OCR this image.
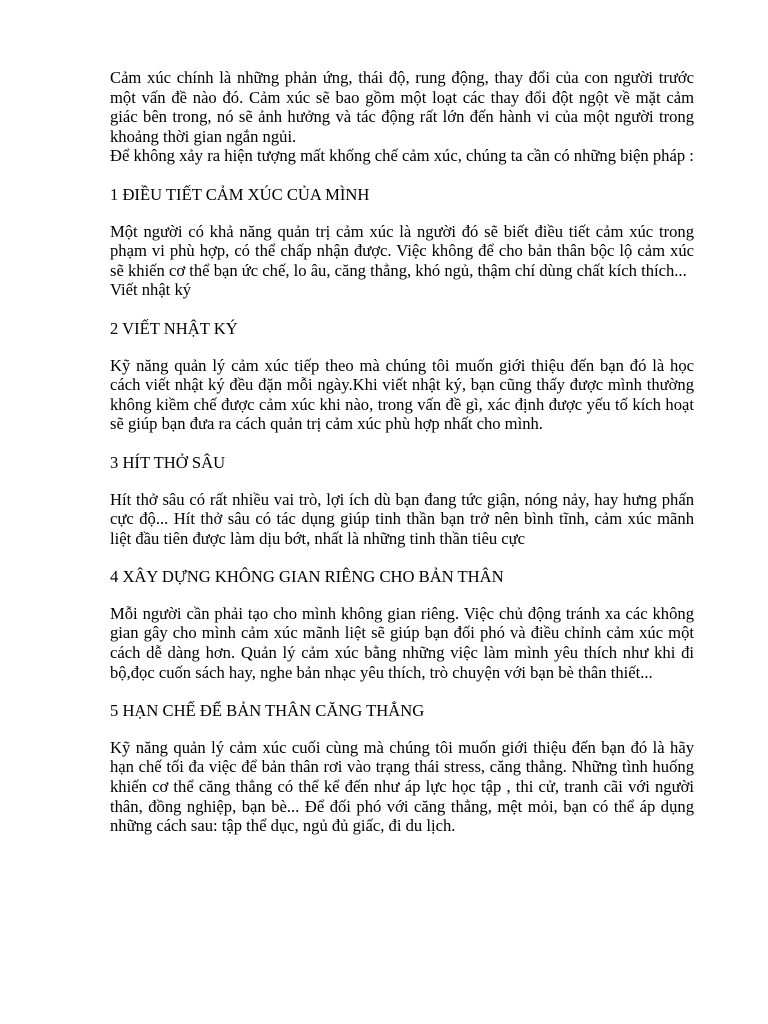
Cảm xúc chính là những phản ứng, thái độ, rung động, thay đổi của con người trước một vấn đề nào đó. Cảm xúc sẽ bao gồm một loạt các thay đổi đột ngột về mặt cảm giác bên trong, nó sẽ ảnh hưởng và tác động rất lớn đến hành vi của một người trong khoảng thời gian ngắn ngủi.

Để không xảy ra hiện tượng mất khống chế cảm xúc, chúng ta cần có những biện pháp :

1 ĐIỀU TIẾT CẢM XÚC CỦA MÌNH

Một người có khả năng quản trị cảm xúc là người đó sẽ biết điều tiết cảm xúc trong phạm vi phù hợp, có thể chấp nhận được. Việc không để cho bản thân bộc lộ cảm xúc sẽ khiến cơ thể bạn ức chế, lo âu, căng thẳng, khó ngủ, thậm chí dùng chất kích thích...

Viết nhật ký

2 VIẾT NHẬT KÝ

Kỹ năng quản lý cảm xúc tiếp theo mà chúng tôi muốn giới thiệu đến bạn đó là học cách viết nhật ký đều đặn mỗi ngày.Khi viết nhật ký, bạn cũng thấy được mình thường không kiềm chế được cảm xúc khi nào, trong vấn đề gì, xác định được yếu tố kích hoạt sẽ giúp bạn đưa ra cách quản trị cảm xúc phù hợp nhất cho mình.

3 HÍT THỞ SÂU

Hít thở sâu có rất nhiều vai trò, lợi ích dù bạn đang tức giận, nóng nảy, hay hưng phấn cực độ... Hít thở sâu có tác dụng giúp tinh thần bạn trở nên bình tĩnh, cảm xúc mãnh liệt đầu tiên được làm dịu bớt, nhất là những tinh thần tiêu cực

4 XÂY DỰNG KHÔNG GIAN RIÊNG CHO BẢN THÂN

Mỗi người cần phải tạo cho mình không gian riêng. Việc chủ động tránh xa các không gian gây cho mình cảm xúc mãnh liệt sẽ giúp bạn đối phó và điều chỉnh cảm xúc một cách dễ dàng hơn. Quản lý cảm xúc bằng những việc làm mình yêu thích như khi đi bộ,đọc cuốn sách hay, nghe bản nhạc yêu thích, trò chuyện với bạn bè thân thiết...

5 HẠN CHẾ ĐỂ BẢN THÂN CĂNG THẲNG

Kỹ năng quản lý cảm xúc cuối cùng mà chúng tôi muốn giới thiệu đến bạn đó là hãy hạn chế tối đa việc để bản thân rơi vào trạng thái stress, căng thẳng. Những tình huống khiến cơ thể căng thẳng có thể kể đến như áp lực học tập , thi cử, tranh cãi với người thân, đồng nghiệp, bạn bè... Để đối phó với căng thẳng, mệt mỏi, bạn có thể áp dụng những cách sau: tập thể dục, ngủ đủ giấc, đi du lịch.
